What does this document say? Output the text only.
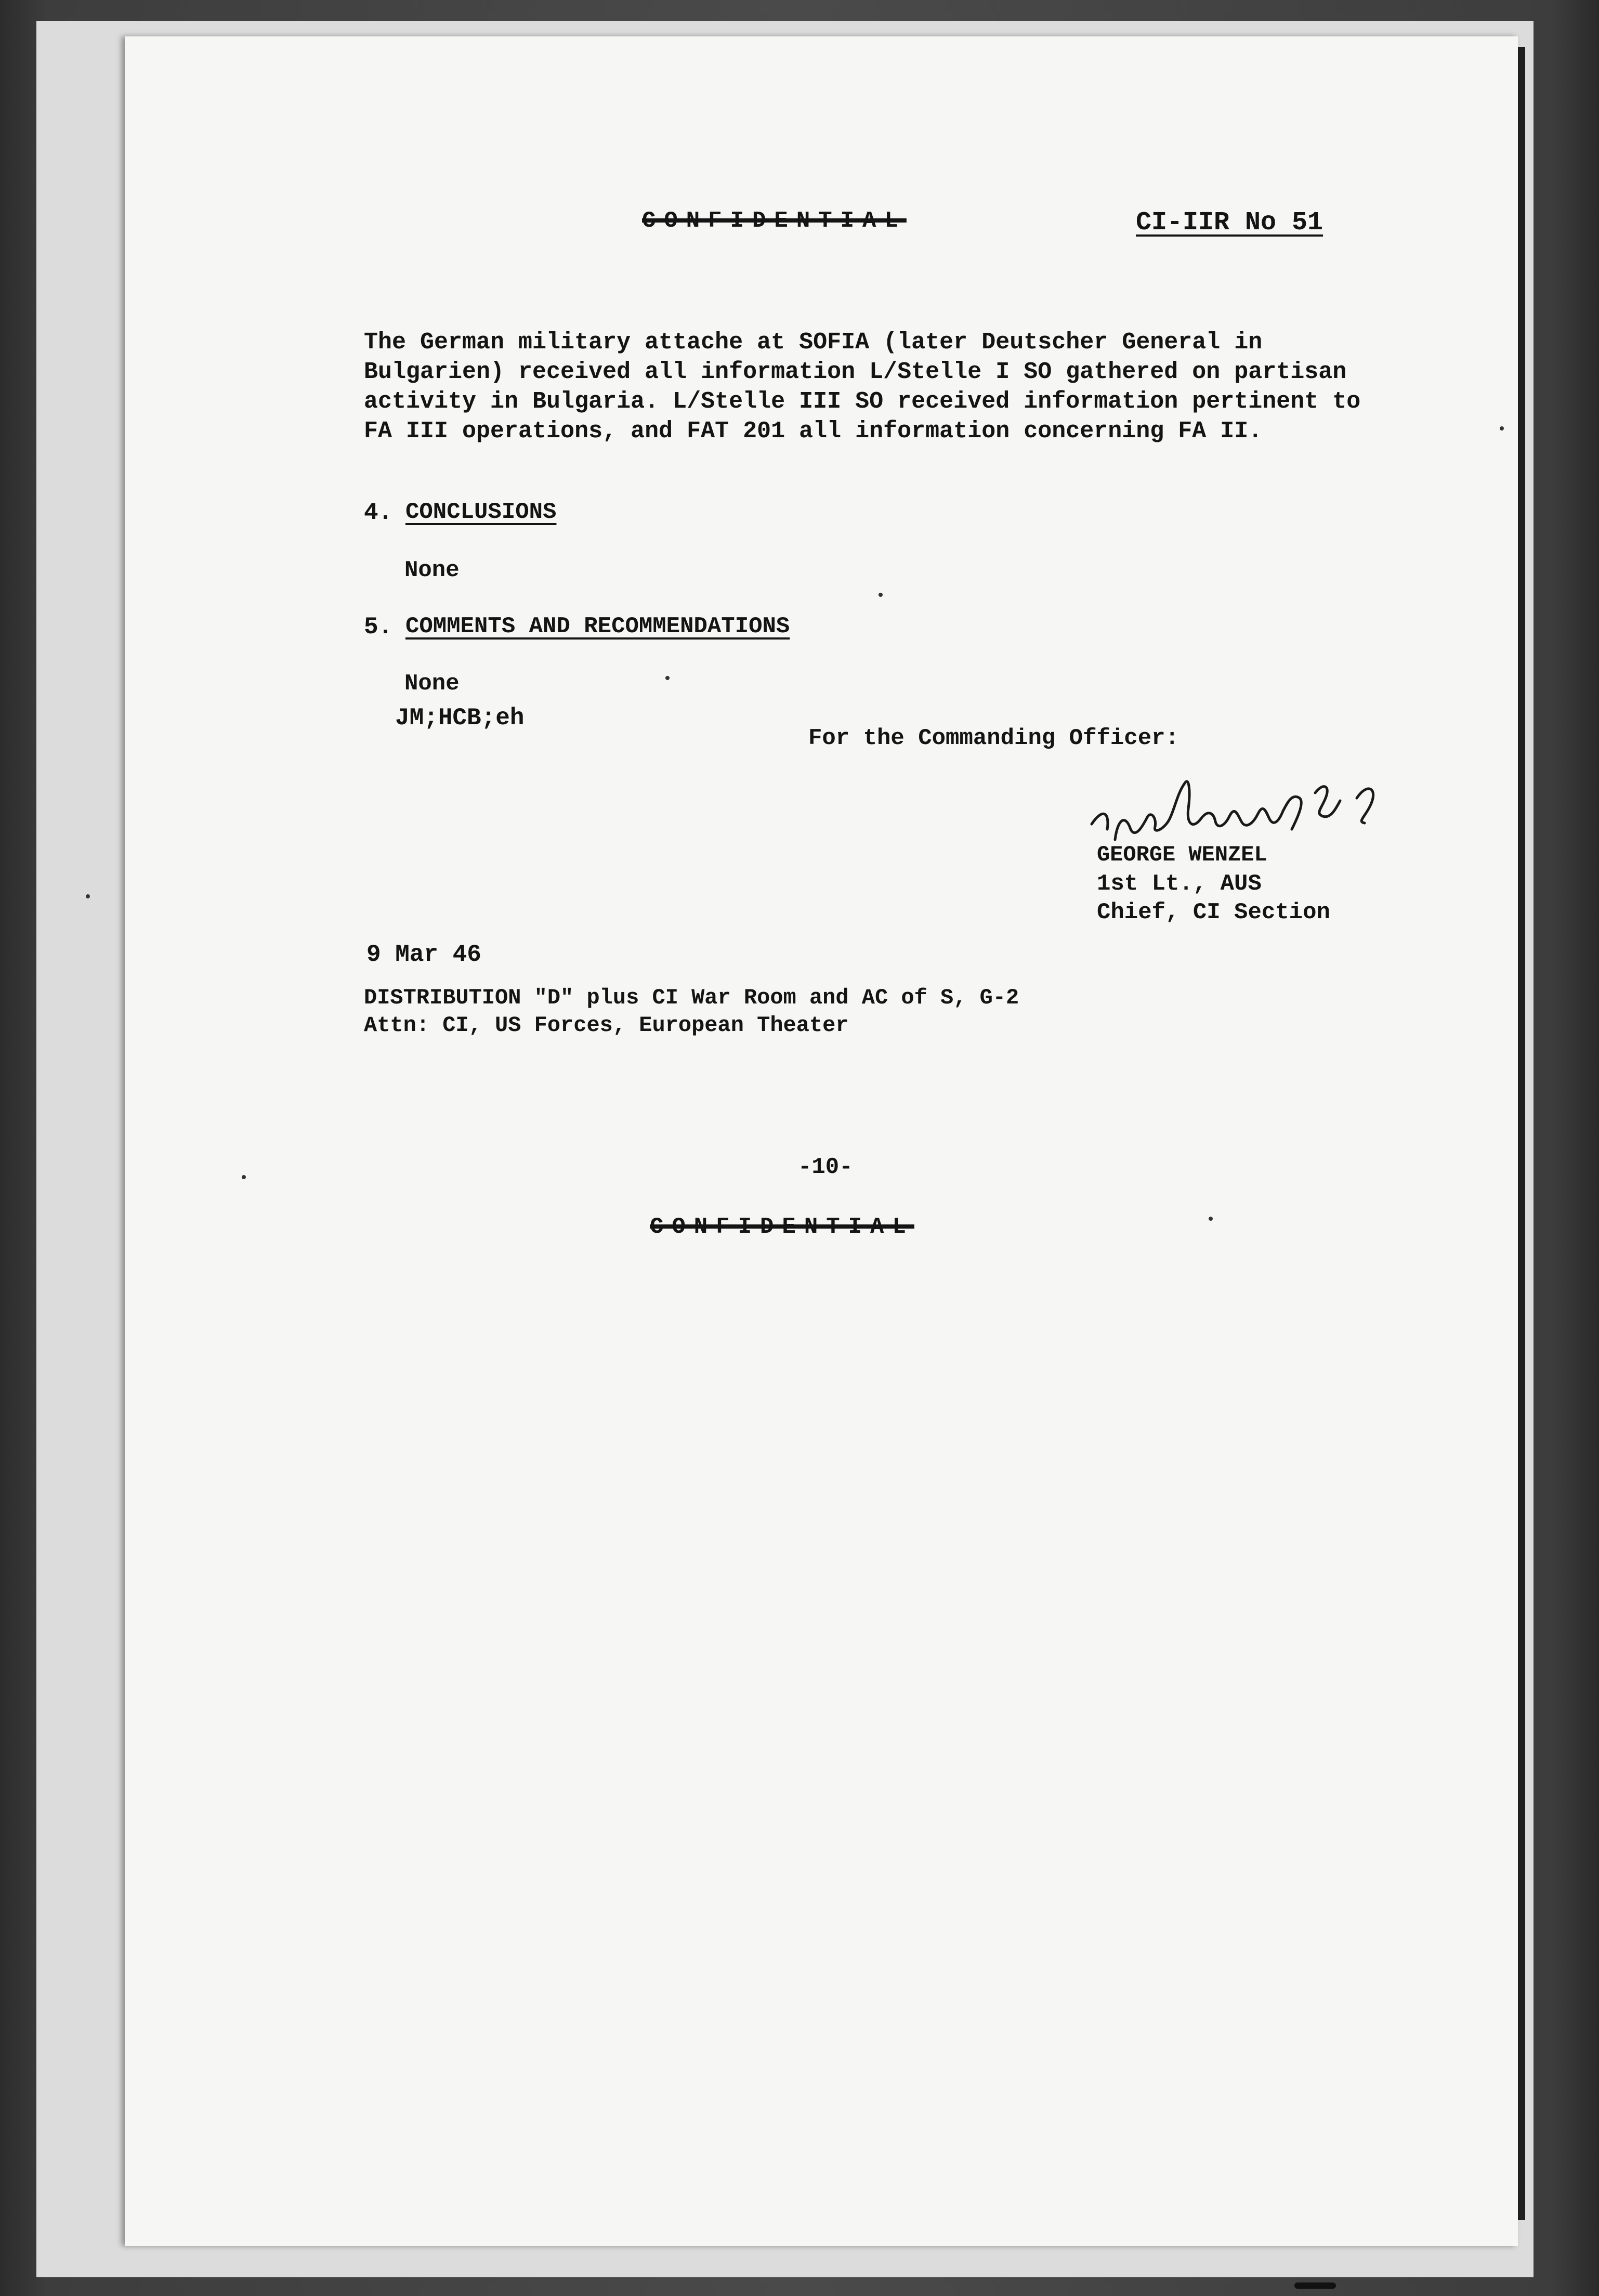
CONFIDENTIAL	CI-IIR No 51

The German military attache at SOFIA (later Deutscher General in Bulgarien) received all information L/Stelle I SO gathered on partisan activity in Bulgaria. L/Stelle III SO received information pertinent to FA III operations, and FAT 201 all information concerning FA II.

4. CONCLUSIONS

None

5. COMMENTS AND RECOMMENDATIONS

None

JM;HCB;eh

For the Commanding Officer:

GEORGE WENZEL

1st Lt., AUS

Chief, CI Section

9 Mar 46

DISTRIBUTION "D" plus CI War Room and AC of S, G-2

Attn: CI, US Forces, European Theater

-10-

CONFIDENTIAL
